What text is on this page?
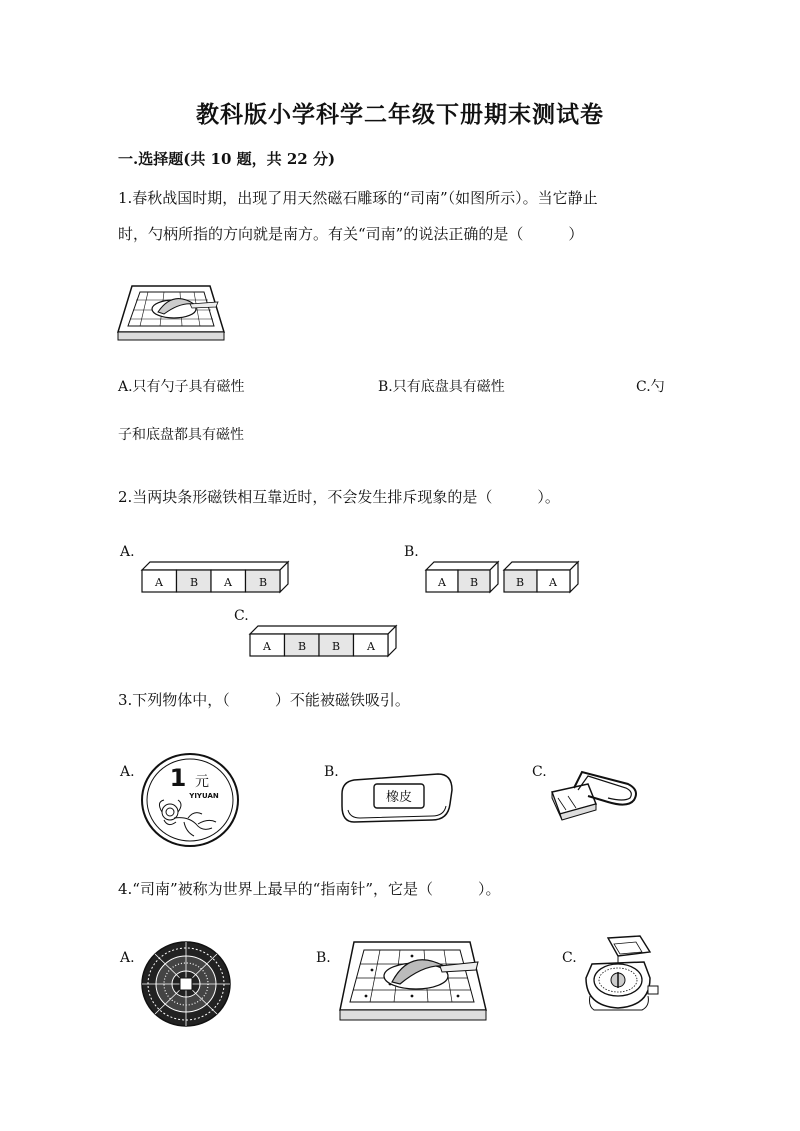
教科版小学科学二年级下册期末测试卷
一.选择题(共 10 题，共 22 分)
1.春秋战国时期，出现了用天然磁石雕琢的“司南”（如图所示）。当它静止
时，勺柄所指的方向就是南方。有关“司南”的说法正确的是（　　　）
A.只有勺子具有磁性	B.只有底盘具有磁性	C.勺
子和底盘都具有磁性
2.当两块条形磁铁相互靠近时，不会发生排斥现象的是（　　　）。
A.
A B A B
B.
A B	B A
C.
A B B A
3.下列物体中，（　　　）不能被磁铁吸引。
A. 1 元
YIYUAN
B.
橡皮
C.
4.“司南”被称为世界上最早的“指南针”，它是（　　　）。
A.	B.	C.
